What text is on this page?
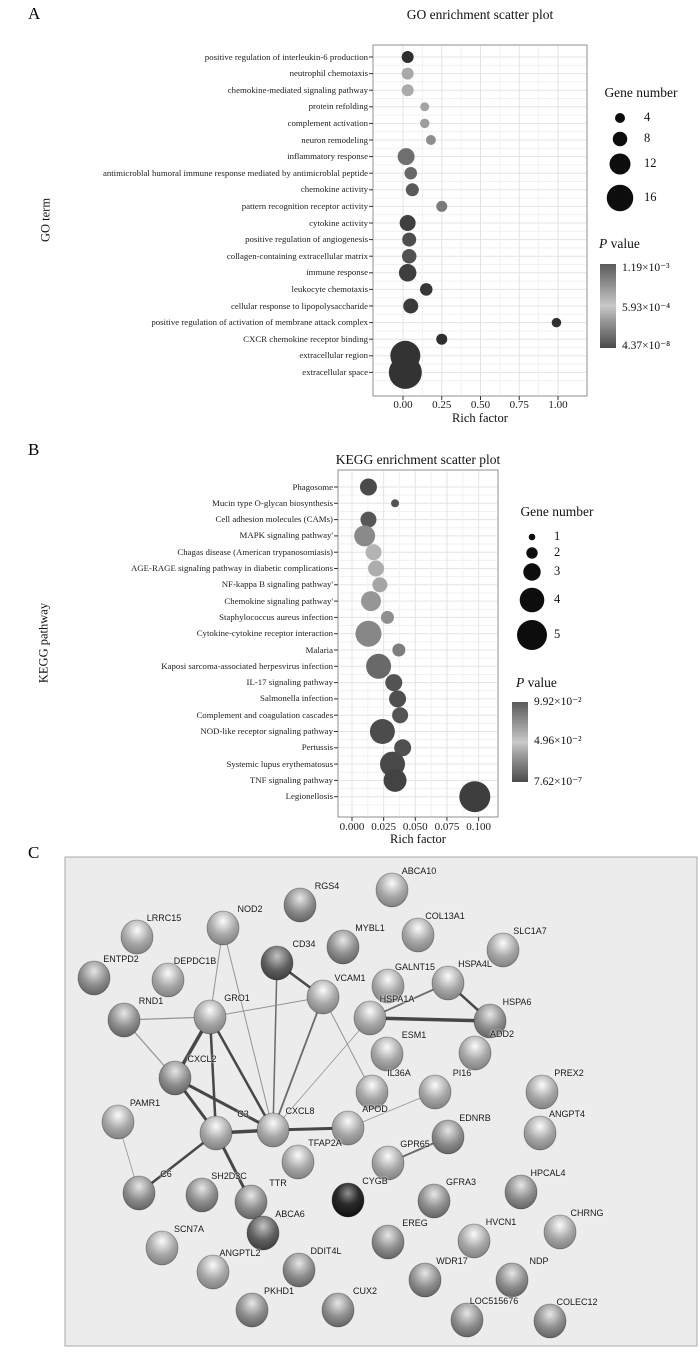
A
B
C
GO enrichment scatter plot
GO term
Rich factor
Gene number
P value
1.19×10⁻³
5.93×10⁻⁴
4.37×10⁻⁸
KEGG enrichment scatter plot
KEGG pathway
Rich factor
Gene number
P value
9.92×10⁻²
4.96×10⁻²
7.62×10⁻⁷
0.00 0.25 0.50 0.75 1.00
positive regulation of interleukin-6 production
neutrophil chemotaxis
chemokine-mediated signaling pathway
protein refolding
complement activation
neuron remodeling
inflammatory response
antimicroblal humoral immune response mediated by antimicroblal peptide
chemokine activity
pattern recognition receptor activity
cytokine activity
positive regulation of angiogenesis
collagen-containing extracellular matrix
immune response
leukocyte chemotaxis
cellular response to lipopolysaccharide
positive regulation of activation of membrane attack complex
CXCR chemokine receptor binding
extracellular region
extracellular space
4
8
12
16
0.000 0.025 0.050 0.075 0.100
Phagosome
Mucin type O-glycan biosynthesis
Cell adhesion molecules (CAMs)
MAPK signaling pathway'
Chagas disease (American trypanosomiasis)
AGE-RAGE signaling pathway in diabetic complications
NF-kappa B signaling pathway'
Chemokine signaling pathway'
Staphylococcus aureus infection
Cytokine-cytokine receptor interaction
Malaria
Kaposi sarcoma-associated herpesvirus infection
IL-17 signaling pathway
Salmonella infection
Complement and coagulation cascades
NOD-like receptor signaling pathway
Pertussis
Systemic lupus erythematosus
TNF signaling pathway
Legionellosis
1
2
3
4
5
ABCA10
RGS4
NOD2
LRRC15	COL13A1
MYBL1	SLC1A7
CD34
ENTPD2	DEPDC1B
GALNT15	HSPA4L
VCAM1
RND1	GRO1	HSPA1A	HSPA6
ESM1	ADD2
CXCL2
IL36A	PI16	PREX2
PAMR1
C3	CXCL8	APOD
EDNRB	ANGPT4
TFAP2A	GPR65
C6	SH2D3C
TTR	CYGB	GFRA3
HPCAL4
ABCA6
SCN7A
EREG	HVCN1
CHRNG
ANGPTL2	DDIT4L
WDR17	NDP
PKHD1	CUX2
LOC515676	COLEC12
